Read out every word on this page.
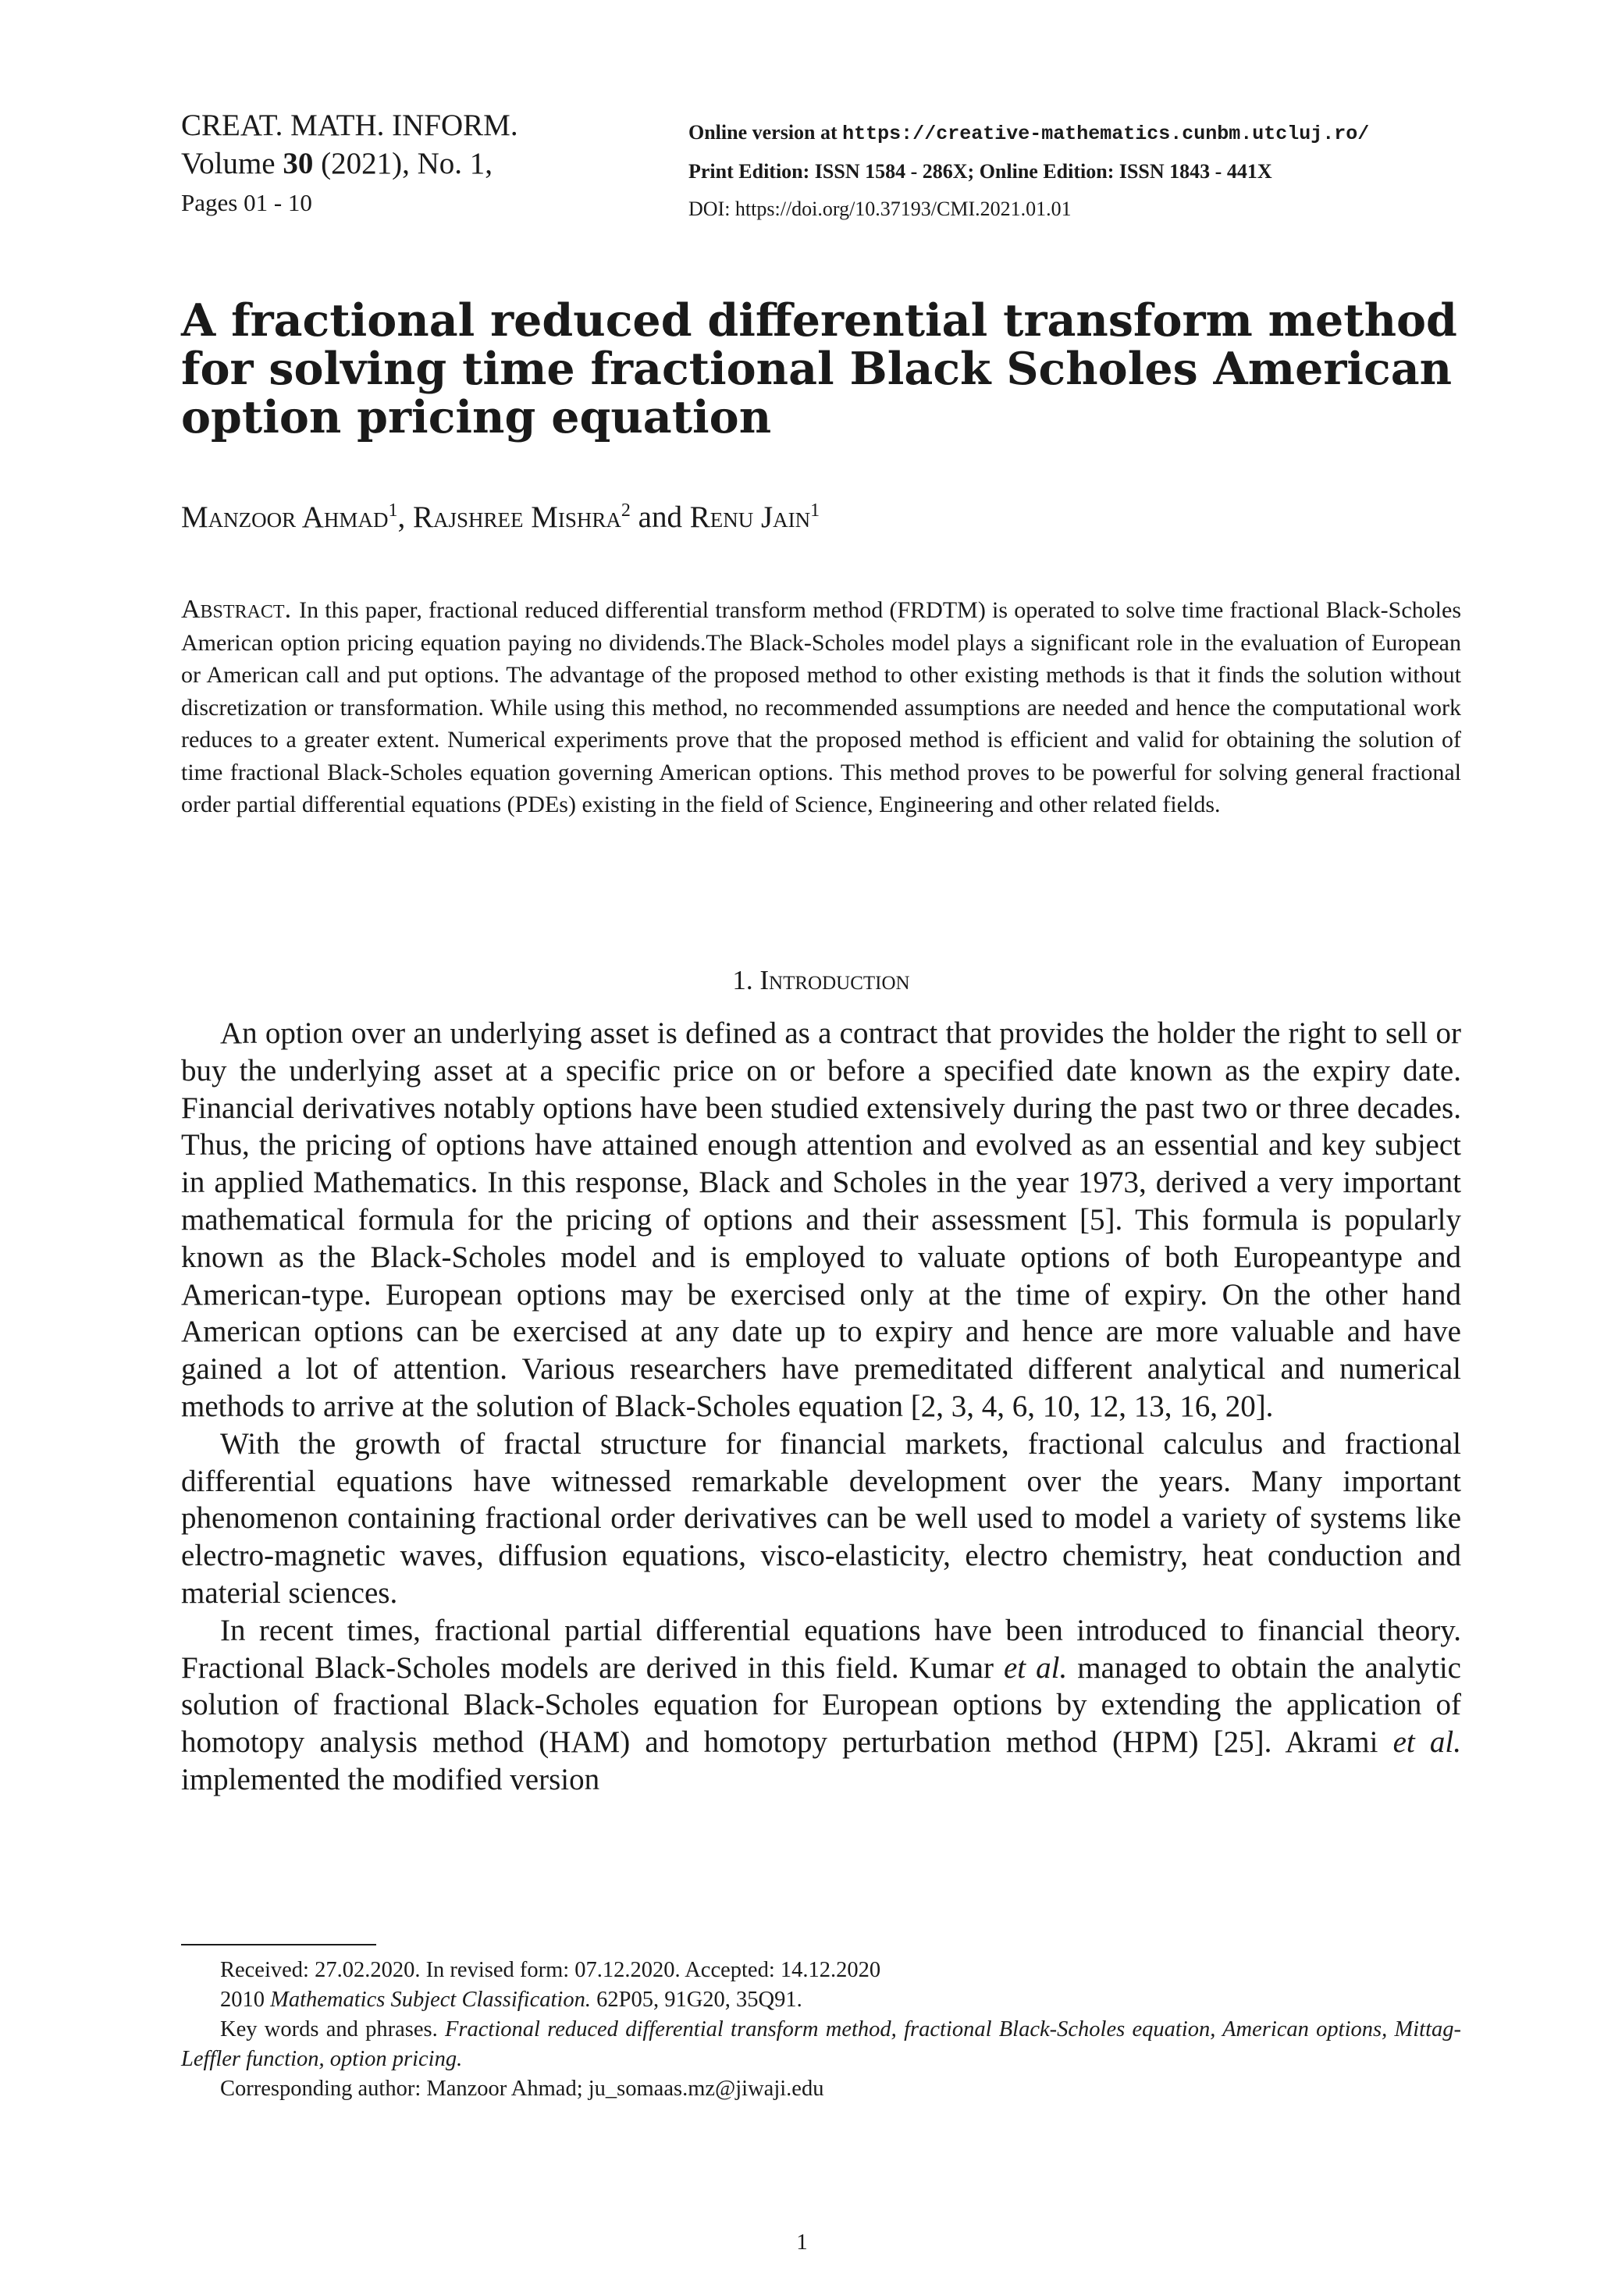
CREAT. MATH. INFORM.
Volume 30 (2021), No. 1,
Pages 01 - 10
Online version at https://creative-mathematics.cunbm.utcluj.ro/
Print Edition: ISSN 1584 - 286X; Online Edition: ISSN 1843 - 441X
DOI: https://doi.org/10.37193/CMI.2021.01.01
A fractional reduced differential transform method for solving time fractional Black Scholes American option pricing equation
Manzoor Ahmad$^1$, Rajshree Mishra$^2$ and Renu Jain$^1$
Abstract. In this paper, fractional reduced differential transform method (FRDTM) is operated to solve time fractional Black-Scholes American option pricing equation paying no dividends.The Black-Scholes model plays a significant role in the evaluation of European or American call and put options. The advantage of the proposed method to other existing methods is that it finds the solution without discretization or transformation. While using this method, no recommended assumptions are needed and hence the computational work reduces to a greater extent. Numerical experiments prove that the proposed method is efficient and valid for obtaining the solution of time fractional Black-Scholes equation governing American options. This method proves to be powerful for solving general fractional order partial differential equations (PDEs) existing in the field of Science, Engineering and other related fields.
1. Introduction

An option over an underlying asset is defined as a contract that provides the holder the right to sell or buy the underlying asset at a specific price on or before a specified date known as the expiry date. Financial derivatives notably options have been studied extensively during the past two or three decades. Thus, the pricing of options have attained enough attention and evolved as an essential and key subject in applied Mathematics. In this response, Black and Scholes in the year 1973, derived a very important mathematical formula for the pricing of options and their assessment [5]. This formula is popularly known as the Black-Scholes model and is employed to valuate options of both Europeantype and American-type. European options may be exercised only at the time of expiry. On the other hand American options can be exercised at any date up to expiry and hence are more valuable and have gained a lot of attention. Various researchers have premeditated different analytical and numerical methods to arrive at the solution of Black-Scholes equation [2, 3, 4, 6, 10, 12, 13, 16, 20].

With the growth of fractal structure for financial markets, fractional calculus and fractional differential equations have witnessed remarkable development over the years. Many important phenomenon containing fractional order derivatives can be well used to model a variety of systems like electro-magnetic waves, diffusion equations, visco-elasticity, electro chemistry, heat conduction and material sciences.

In recent times, fractional partial differential equations have been introduced to financial theory. Fractional Black-Scholes models are derived in this field. Kumar et al. managed to obtain the analytic solution of fractional Black-Scholes equation for European options by extending the application of homotopy analysis method (HAM) and homotopy perturbation method (HPM) [25]. Akrami et al. implemented the modified version

Received: 27.02.2020. In revised form: 07.12.2020. Accepted: 14.12.2020

2010 Mathematics Subject Classification. 62P05, 91G20, 35Q91.

Key words and phrases. Fractional reduced differential transform method, fractional Black-Scholes equation, American options, Mittag-Leffler function, option pricing.

Corresponding author: Manzoor Ahmad; ju_somaas.mz@jiwaji.edu

1
